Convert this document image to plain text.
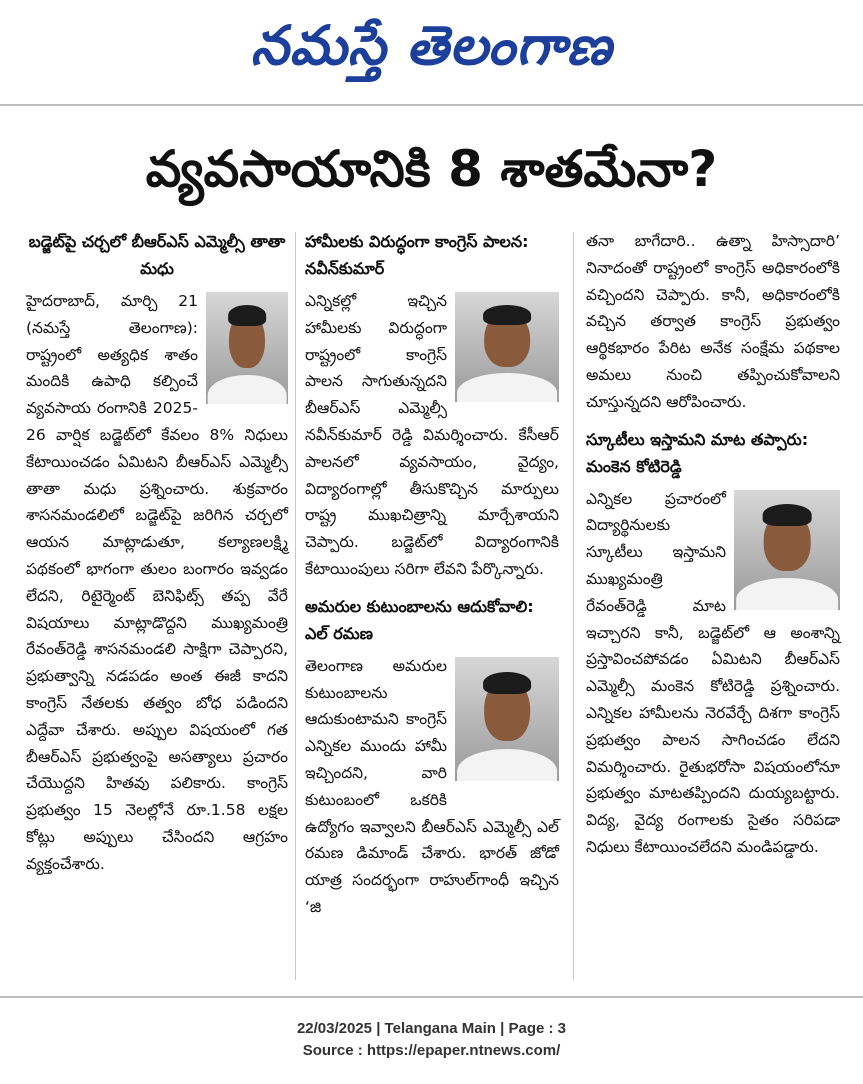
నమస్తే తెలంగాణ
వ్యవసాయానికి 8 శాతమేనా?
బడ్జెట్‌పై చర్చలో బీఆర్‌ఎస్ ఎమ్మెల్సీ తాతా మధు

హైదరాబాద్, మార్చి 21 (నమస్తే తెలంగాణ): రాష్ట్రంలో అత్యధిక శాతం మందికి ఉపాధి కల్పించే వ్యవసాయ రంగానికి 2025-26 వార్షిక బడ్జెట్‌లో కేవలం 8% నిధులు కేటాయించడం ఏమిటని బీఆర్‌ఎస్ ఎమ్మెల్సీ తాతా మధు ప్రశ్నించారు. శుక్రవారం శాసనమండలిలో బడ్జెట్‌పై జరిగిన చర్చలో ఆయన మాట్లాడుతూ, కల్యాణలక్ష్మి పథకంలో భాగంగా తులం బంగారం ఇవ్వడం లేదని, రిటైర్మెంట్ బెనిఫిట్స్ తప్ప వేరే విషయాలు మాట్లాడొద్దని ముఖ్యమంత్రి రేవంత్‌రెడ్డి శాసనమండలి సాక్షిగా చెప్పారని, ప్రభుత్వాన్ని నడపడం అంత ఈజీ కాదని కాంగ్రెస్ నేతలకు తత్వం బోధ పడిందని ఎద్దేవా చేశారు. అప్పుల విషయంలో గత బీఆర్‌ఎస్ ప్రభుత్వంపై అసత్యాలు ప్రచారం చేయొద్దని హితవు పలికారు. కాంగ్రెస్ ప్రభుత్వం 15 నెలల్లోనే రూ.1.58 లక్షల కోట్లు అప్పులు చేసిందని ఆగ్రహం వ్యక్తంచేశారు.

హామీలకు విరుద్ధంగా కాంగ్రెస్ పాలన: నవీన్‌కుమార్

ఎన్నికల్లో ఇచ్చిన హామీలకు విరుద్ధంగా రాష్ట్రంలో కాంగ్రెస్ పాలన సాగుతున్నదని బీఆర్‌ఎస్ ఎమ్మెల్సీ నవీన్‌కుమార్ రెడ్డి విమర్శించారు. కేసీఆర్ పాలనలో వ్యవసాయం, వైద్యం, విద్యారంగాల్లో తీసుకొచ్చిన మార్పులు రాష్ట్ర ముఖచిత్రాన్ని మార్చేశాయని చెప్పారు. బడ్జెట్‌లో విద్యారంగానికి కేటాయింపులు సరిగా లేవని పేర్కొన్నారు.

అమరుల కుటుంబాలను ఆదుకోవాలి: ఎల్ రమణ

తెలంగాణ అమరుల కుటుంబాలను ఆదుకుంటామని కాంగ్రెస్ ఎన్నికల ముందు హామీ ఇచ్చిందని, వారి కుటుంబంలో ఒకరికి ఉద్యోగం ఇవ్వాలని బీఆర్‌ఎస్ ఎమ్మెల్సీ ఎల్ రమణ డిమాండ్ చేశారు. భారత్ జోడో యాత్ర సందర్భంగా రాహుల్‌గాంధీ ఇచ్చిన ‘జి

తనా బాగేదారి.. ఉత్నా హిస్సాదారి’ నినాదంతో రాష్ట్రంలో కాంగ్రెస్ అధికారంలోకి వచ్చిందని చెప్పారు. కానీ, అధికారంలోకి వచ్చిన తర్వాత కాంగ్రెస్ ప్రభుత్వం ఆర్థికభారం పేరిట అనేక సంక్షేమ పథకాల అమలు నుంచి తప్పించుకోవాలని చూస్తున్నదని ఆరోపించారు.

స్కూటీలు ఇస్తామని మాట తప్పారు: మంకెన కోటిరెడ్డి

ఎన్నికల ప్రచారంలో విద్యార్థినులకు స్కూటీలు ఇస్తామని ముఖ్యమంత్రి రేవంత్‌రెడ్డి మాట ఇచ్చారని కానీ, బడ్జెట్‌లో ఆ అంశాన్ని ప్రస్తావించపోవడం ఏమిటని బీఆర్‌ఎస్ ఎమ్మెల్సీ మంకెన కోటిరెడ్డి ప్రశ్నించారు. ఎన్నికల హామీలను నెరవేర్చే దిశగా కాంగ్రెస్ ప్రభుత్వం పాలన సాగించడం లేదని విమర్శించారు. రైతుభరోసా విషయంలోనూ ప్రభుత్వం మాటతప్పిందని దుయ్యబట్టారు. విద్య, వైద్య రంగాలకు సైతం సరిపడా నిధులు కేటాయించలేదని మండిపడ్డారు.

22/03/2025 | Telangana Main | Page : 3
Source : https://epaper.ntnews.com/
